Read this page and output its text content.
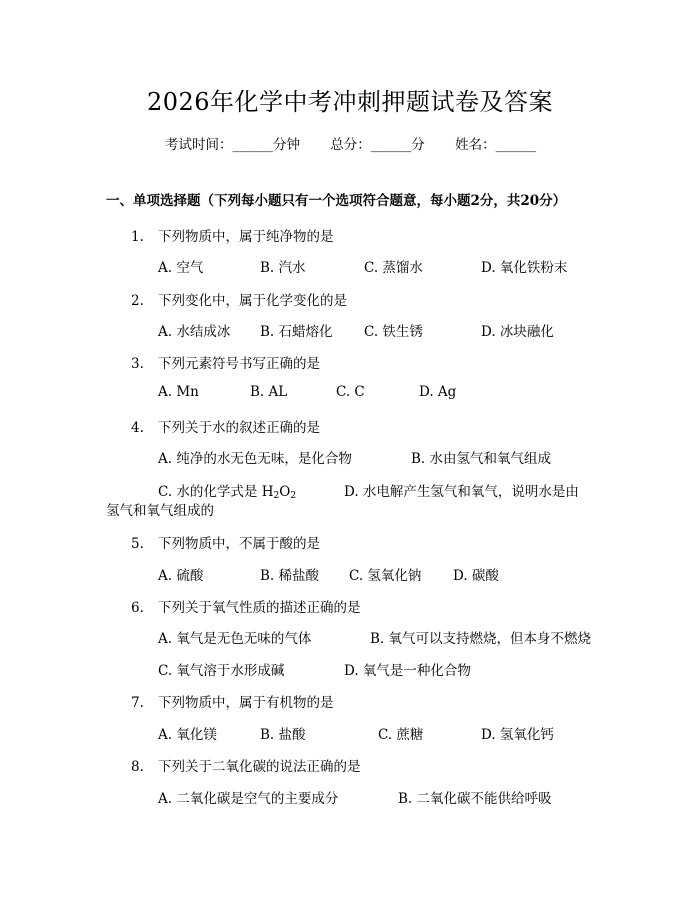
2026年化学中考冲刺押题试卷及答案
考试时间：______分钟 总分：______分 姓名：______
一、单项选择题（下列每小题只有一个选项符合题意，每小题2分，共20分）
1. 下列物质中，属于纯净物的是
A. 空气	B. 汽水	C. 蒸馏水	D. 氧化铁粉末
2. 下列变化中，属于化学变化的是
A. 水结成冰 B. 石蜡熔化 C. 铁生锈	D. 冰块融化
3. 下列元素符号书写正确的是
A. Mn	B. AL	C. C	D. Ag
4. 下列关于水的叙述正确的是
A. 纯净的水无色无味，是化合物	B. 水由氢气和氧气组成
C. 水的化学式是 $H_2O_2$	D. 水电解产生氢气和氧气，说明水是由
氢气和氧气组成的
5. 下列物质中，不属于酸的是
A. 硫酸	B. 稀盐酸 C. 氢氧化钠 D. 碳酸
6. 下列关于氧气性质的描述正确的是
A. 氧气是无色无味的气体	B. 氧气可以支持燃烧，但本身不燃烧
C. 氧气溶于水形成碱	D. 氧气是一种化合物
7. 下列物质中，属于有机物的是
A. 氧化镁	B. 盐酸	C. 蔗糖	D. 氢氧化钙
8. 下列关于二氧化碳的说法正确的是
A. 二氧化碳是空气的主要成分	B. 二氧化碳不能供给呼吸
